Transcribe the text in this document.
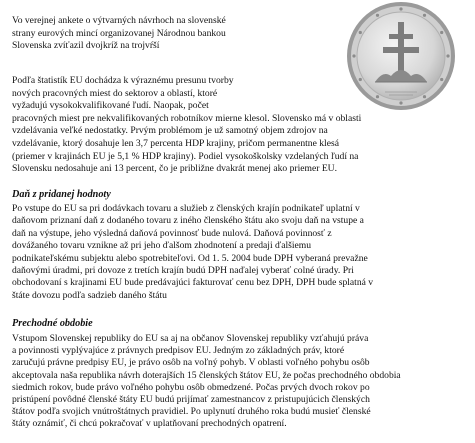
Vo verejnej ankete o výtvarných návrhoch na slovenské
strany eurových mincí organizovanej Národnou bankou
Slovenska zvíťazil dvojkríž na trojvŕší
Podľa štatistík EU dochádza k výraznému presunu tvorby
nových pracovných miest do sektorov a oblastí, ktoré
vyžadujú vysokokvalifikované ľudí. Naopak, počet
pracovných miest pre nekvalifikovaných robotníkov mierne klesol. Slovensko má v oblasti
vzdelávania veľké nedostatky. Prvým problémom je už samotný objem zdrojov na
vzdelávanie, ktorý dosahuje len 3,7 percenta HDP krajiny, pričom permanentne klesá
(priemer v krajinách EU je 5,1 % HDP krajiny). Podiel vysokoškolsky vzdelaných ľudí na
Slovensku nedosahuje ani 13 percent, čo je približne dvakrát menej ako priemer EU.
Daň z pridanej hodnoty
Po vstupe do EU sa pri dodávkach tovaru a služieb z členských krajín podnikateľ uplatní v
daňovom priznaní daň z dodaného tovaru z iného členského štátu ako svoju daň na vstupe a
daň na výstupe, jeho výsledná daňová povinnosť bude nulová. Daňová povinnosť z
dovážaného tovaru vznikne až pri jeho ďalšom zhodnotení a predaji ďalšiemu
podnikateľskému subjektu alebo spotrebiteľovi. Od 1. 5. 2004 bude DPH vyberaná prevažne
daňovými úradmi, pri dovoze z tretích krajín budú DPH naďalej vyberať colné úrady. Pri
obchodovaní s krajinami EU bude predávajúci fakturovať cenu bez DPH, DPH bude splatná v
štáte dovozu podľa sadzieb daného štátu
Prechodné obdobie
Vstupom Slovenskej republiky do EU sa aj na občanov Slovenskej republiky vzťahujú práva
a povinnosti vyplývajúce z právnych predpisov EU. Jedným zo základných práv, ktoré
zaručujú právne predpisy EU, je právo osôb na voľný pohyb. V oblasti voľného pohybu osôb
akceptovala naša republika návrh doterajších 15 členských štátov EU, že počas prechodného obdobia
siedmich rokov, bude právo voľného pohybu osôb obmedzené. Počas prvých dvoch rokov po
pristúpení povôdné členské štáty EU budú prijímať zamestnancov z pristupujúcich členských
štátov podľa svojich vnútroštátnych pravidiel. Po uplynutí druhého roka budú musieť členské
štáty oznámiť, či chcú pokračovať v uplatňovaní prechodných opatrení.
